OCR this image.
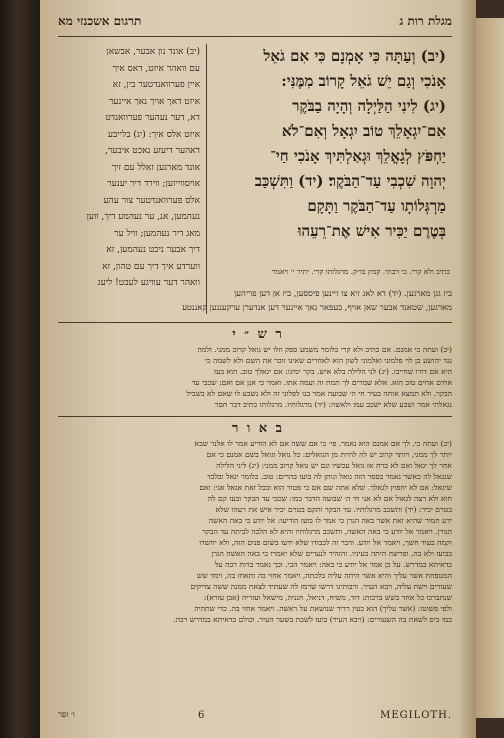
מגלת רות ג
תרגום אשכנזי מא
(יב) אונד נון אבער, אבשאן
עם וואהר איזט, דאס איך
איין פערוואנדטער בין, זא
איזט דאך אויך נאך איינער
דא, דער נעהער פערוואנדט
איזט אלס איך: (יג) בלייבע
דאהער דיעזע נאכט איבער,
אונד מארגען זאלל עם זיך
אויסווייזען; ווירד דיר יענער
אלס פערוואנדטער צור עהע
נעהמען, אנ, ער נעהמע דיך, ווען
מאג דיר נעהמען; וויל ער
דיך אבער ניכט נעהמען, זא
ווערדע איך דיך עם טהון, זא
וואהר דער עוויגע לעבט! ליעג
(יב) וְעַתָּה כִּי אָמְנָם כִּי אִם גֹאֵל
אָנֹכִי וְגַם יֵשׁ גֹאֵל קָרוֹב מִמֶּנִּי:
(יג) לִינִי הַלַּיְלָה וְהָיָה בַבֹּקֶר
אִם־יִגְאָלֵךְ טוֹב יִגְאָל וְאִם־לֹא
יַחְפֹּץ לְגָאֳלֵךְ וּגְאַלְתִּיךְ אָנֹכִי חַי־
יְהוָה שִׁכְבִי עַד־הַבֹּקֶר׃ (יד) וַתִּשְׁכַּב
מַרְגְּלוֹתָו עַד־הַבֹּקֶר וַתָּקָם
בְּטֶרֶם יַכִּיר אִישׁ אֶת־רֵעֵהוּ
כתיב ולא קרי. כי רבתי. קמץ בז״ק. מרגלותו קרי. יתיר י׳ ויאמר
ביז גגן מארגען. (יד) דא לאג זיא צו זיינען פיססען, ביז אן דען פריהען
מארגען, שטאנד אבער שאן אויף, בעפאר נאך איינער דען אנדערן ערקעננען קאננטע
ר ש ״ י
(יב) ועתה כי אמנם. אם כתיב ולא קרי כלומר משמע ספק וזלו יש גואל קרוב ממני. ולמה
נגד יהושע בן לוי פלמוני ואלמוני לשון הוא לאחרים שאינו זוכר את השם ולא לשמה כי
היא אם דורו שחייבו. (יג) לני הלילה בלא איש. בקר ימינו: אם יגאלך טוב. הוא בעז
אחים אחים טוב הוא. אלא שמרים לך תמת זה ועמה אתו. ואמר כי אנן אם ואם: שכבי עד
הבקר. ולא תמצא אותה בעיר חי ה׳ שבועה אמר בנו לפלוני זה ולא נשבע לו שאם לא בשביל
נגאלתי אמר ושבע שלא ישכב עמו ולאשה: (יד) מרגלותיו. מרגלותו כתיב דבר חסר
ב א ו ר
(יב) ועתה כי, לך אם אמנם הוא נאמר. פי׳ כי אם ששה אם לא הודיע אמר לו אלנר שבא
יותר לך ממני, ויותר קרוב יש לה להיות מן הגואלים: כל גואל וגואל בשם אמנם כי אם
אחר לך יגאל ואם לא ברח אז גואל עכשיו וגם יש גואל קרוב ממני: (יג) ליני הלילה
שנגאל לה כאשר נאמר בספר הזה גואל ונותן לה בועז בהרים: טוב. כלומר יגאל ובלבד
שיגאל: אם לא יחפוץ לגאלך. שלא אתה שם אם כי פטור הוא ובכל זאת אגאל אני: ואם
חוא ולא רצה לגאול אם לא אני חי ה׳ שבועה הדבר כמו: שכבי עד הבקר ובעז קם לה
בטרם יכיר: (יד) ותשכב מרגלותיו. עד הבקר ותקם בטרם יכיר איש את רעהו שלא
ידע חמור שהיא זאת אשר באה הגרן כי אמר לו בועז הודיעו: אל יודע כי באה האשה
הגורן. ויאמר אל יודע כי באה האשה, ותשכב מרגלותיו והיא לא הלכה לביתה עד הבקר
וקמה בעוד חשך, ויאמר אל יודע. ודבר זה לכבודו שלא ידעו בשום פנים הזה, ולא יחשדו
בבועז ולא בה, ופריצה היתה בעיניו. והזהיר לנערים שלא יאמרו כי באה האשה הגרן
כדאיתא במדרש. על כן אמר אל יודע כי באה: ויאמר הבי. וכך נאמר ברות רבה על
המטפחת אשר עליך והיא אשר היתה עליה בלכתה, ויאמר אחזי בה ותאחז בה, וימד שש
שעורים וישת עליה, ויבא העיר. ורבותינו דרשו שרמז לה שעתיד לצאת ממנה ששה צדיקים
שנתברכו כל אחד בשש ברכות: דוד, משיח, דניאל, חנניה, מישאל ועזריה (אבן עזרא):
ולפי פשוטו: (אשר עליך) הוא כעין רדיד שנושאת על ראשה. ויאמר אחזי בה. כדי שתהיה
כמו כיס לשאת בה השעורים: (ויבא העיר) בועז לשבת בשער העיר. וכולם כדאיתא במדרש רבה.
ו׳ זפר	6	MEGILOTH.
